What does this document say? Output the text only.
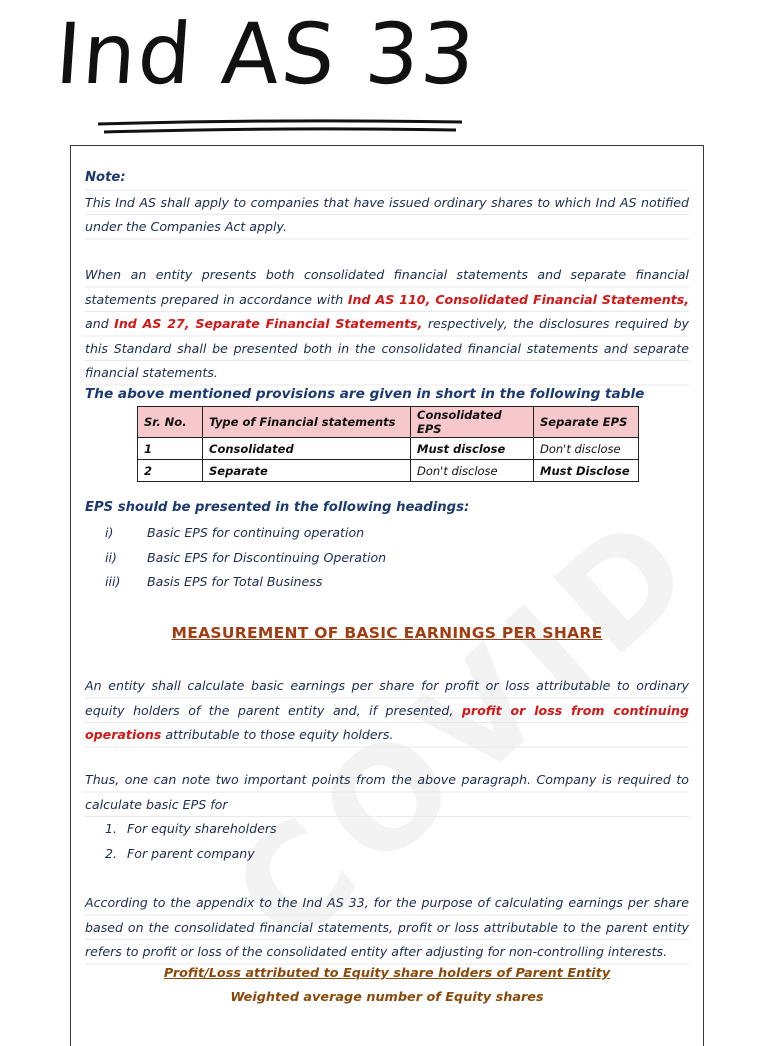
Ind AS 33
Note:
This Ind AS shall apply to companies that have issued ordinary shares to which Ind AS notified under the Companies Act apply.
When an entity presents both consolidated financial statements and separate financial statements prepared in accordance with Ind AS 110, Consolidated Financial Statements, and Ind AS 27, Separate Financial Statements, respectively, the disclosures required by this Standard shall be presented both in the consolidated financial statements and separate financial statements.
The above mentioned provisions are given in short in the following table
Sr. No.	Type of Financial statements	Consolidated EPS	Separate EPS
1	Consolidated	Must disclose	Don't disclose
2	Separate	Don't disclose	Must Disclose
EPS should be presented in the following headings:
i)	Basic EPS for continuing operation
ii)	Basic EPS for Discontinuing Operation
iii)	Basis EPS for Total Business
MEASUREMENT OF BASIC EARNINGS PER SHARE
An entity shall calculate basic earnings per share for profit or loss attributable to ordinary equity holders of the parent entity and, if presented, profit or loss from continuing operations attributable to those equity holders.
Thus, one can note two important points from the above paragraph. Company is required to calculate basic EPS for
1. For equity shareholders
2. For parent company
According to the appendix to the Ind AS 33, for the purpose of calculating earnings per share based on the consolidated financial statements, profit or loss attributable to the parent entity refers to profit or loss of the consolidated entity after adjusting for non-controlling interests.
Profit/Loss attributed to Equity share holders of Parent Entity
Weighted average number of Equity shares
